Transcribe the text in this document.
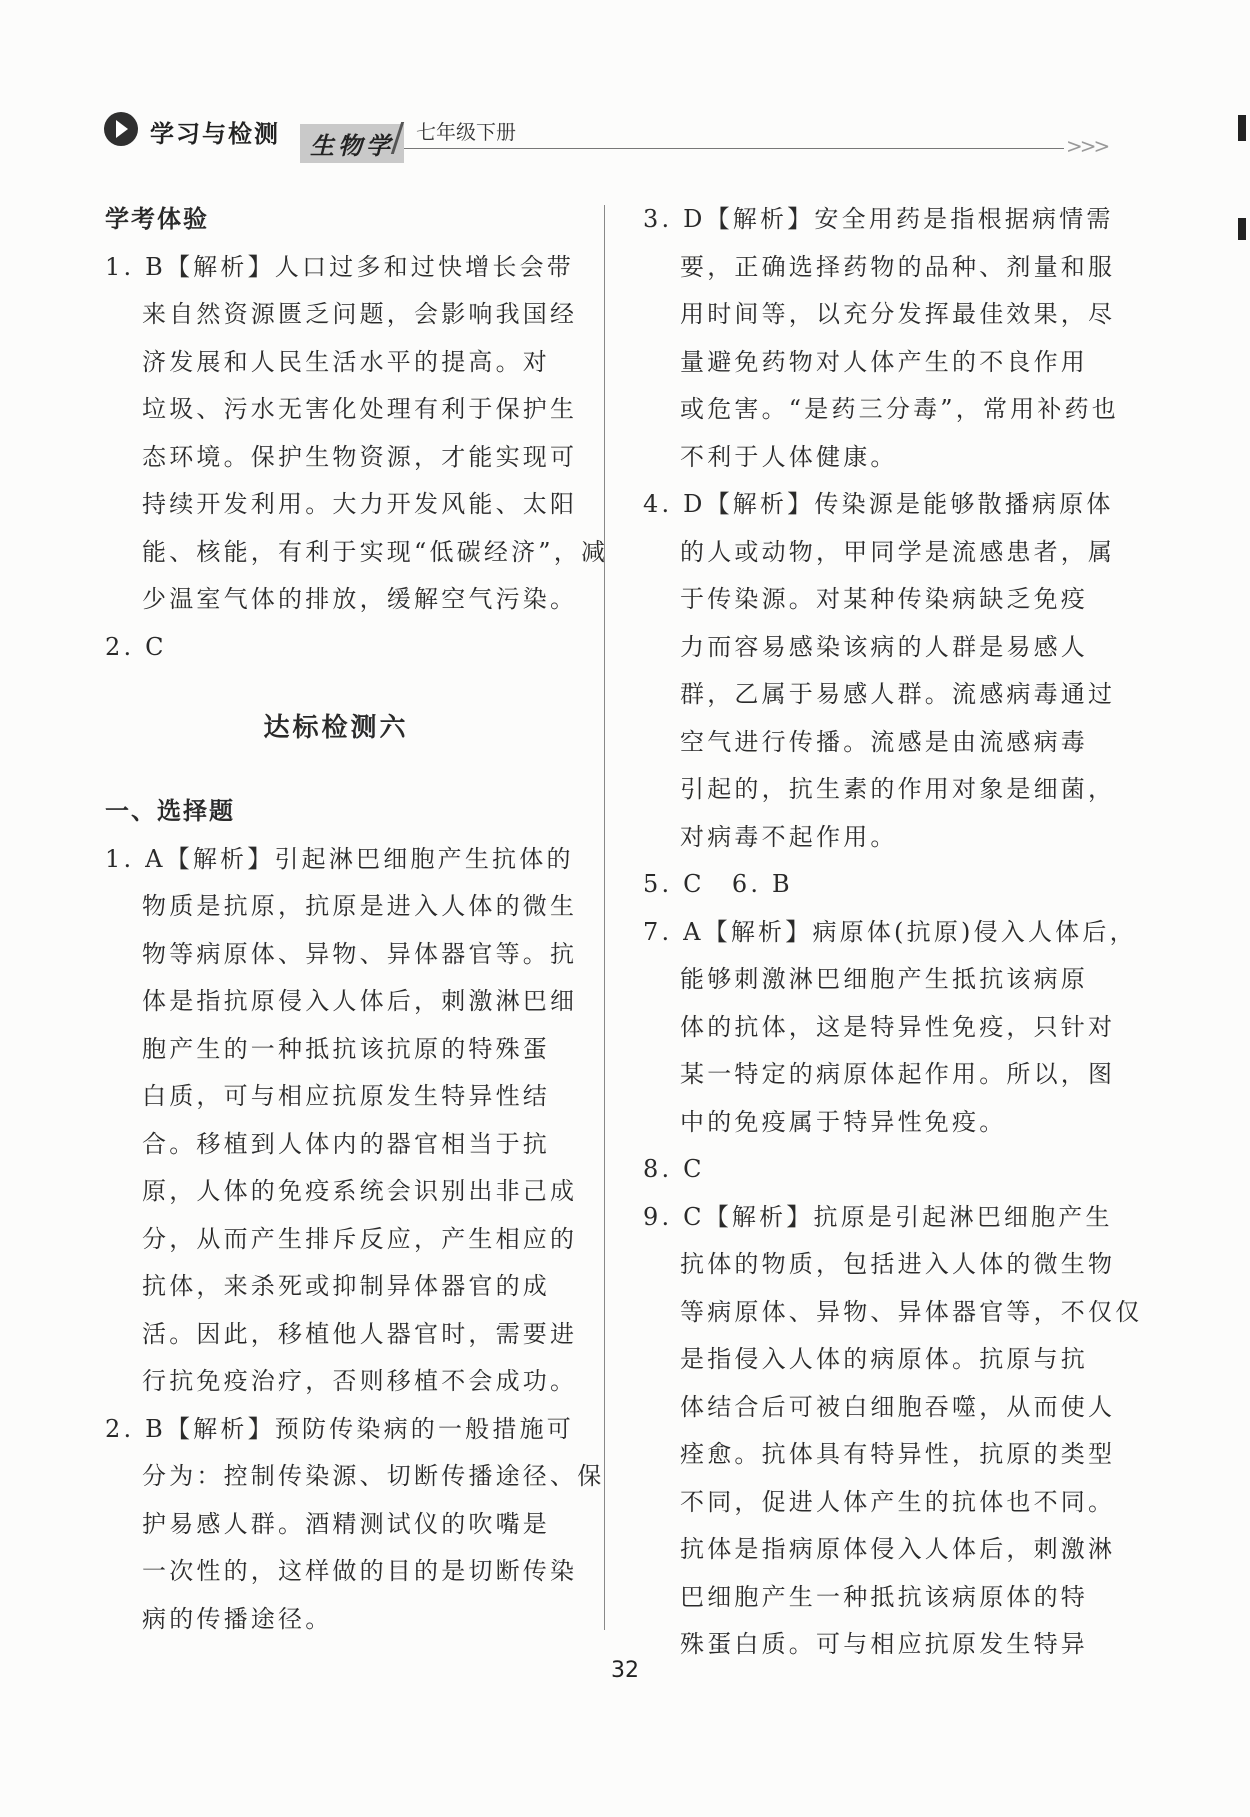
学习与检测	生物学	七年级下册
>>>
学考体验
1. B【解析】人口过多和过快增长会带
来自然资源匮乏问题，会影响我国经
济发展和人民生活水平的提高。对
垃圾、污水无害化处理有利于保护生
态环境。保护生物资源，才能实现可
持续开发利用。大力开发风能、太阳
能、核能，有利于实现“低碳经济”，减
少温室气体的排放，缓解空气污染。
2. C
达标检测六
一、选择题
1. A【解析】引起淋巴细胞产生抗体的
物质是抗原，抗原是进入人体的微生
物等病原体、异物、异体器官等。抗
体是指抗原侵入人体后，刺激淋巴细
胞产生的一种抵抗该抗原的特殊蛋
白质，可与相应抗原发生特异性结
合。移植到人体内的器官相当于抗
原，人体的免疫系统会识别出非己成
分，从而产生排斥反应，产生相应的
抗体，来杀死或抑制异体器官的成
活。因此，移植他人器官时，需要进
行抗免疫治疗，否则移植不会成功。
2. B【解析】预防传染病的一般措施可
分为：控制传染源、切断传播途径、保
护易感人群。酒精测试仪的吹嘴是
一次性的，这样做的目的是切断传染
病的传播途径。
3. D【解析】安全用药是指根据病情需
要，正确选择药物的品种、剂量和服
用时间等，以充分发挥最佳效果，尽
量避免药物对人体产生的不良作用
或危害。“是药三分毒”，常用补药也
不利于人体健康。
4. D【解析】传染源是能够散播病原体
的人或动物，甲同学是流感患者，属
于传染源。对某种传染病缺乏免疫
力而容易感染该病的人群是易感人
群，乙属于易感人群。流感病毒通过
空气进行传播。流感是由流感病毒
引起的，抗生素的作用对象是细菌，
对病毒不起作用。
5. C　6. B
7. A【解析】病原体(抗原)侵入人体后，
能够刺激淋巴细胞产生抵抗该病原
体的抗体，这是特异性免疫，只针对
某一特定的病原体起作用。所以，图
中的免疫属于特异性免疫。
8. C
9. C【解析】抗原是引起淋巴细胞产生
抗体的物质，包括进入人体的微生物
等病原体、异物、异体器官等，不仅仅
是指侵入人体的病原体。抗原与抗
体结合后可被白细胞吞噬，从而使人
痊愈。抗体具有特异性，抗原的类型
不同，促进人体产生的抗体也不同。
抗体是指病原体侵入人体后，刺激淋
巴细胞产生一种抵抗该病原体的特
殊蛋白质。可与相应抗原发生特异
32
